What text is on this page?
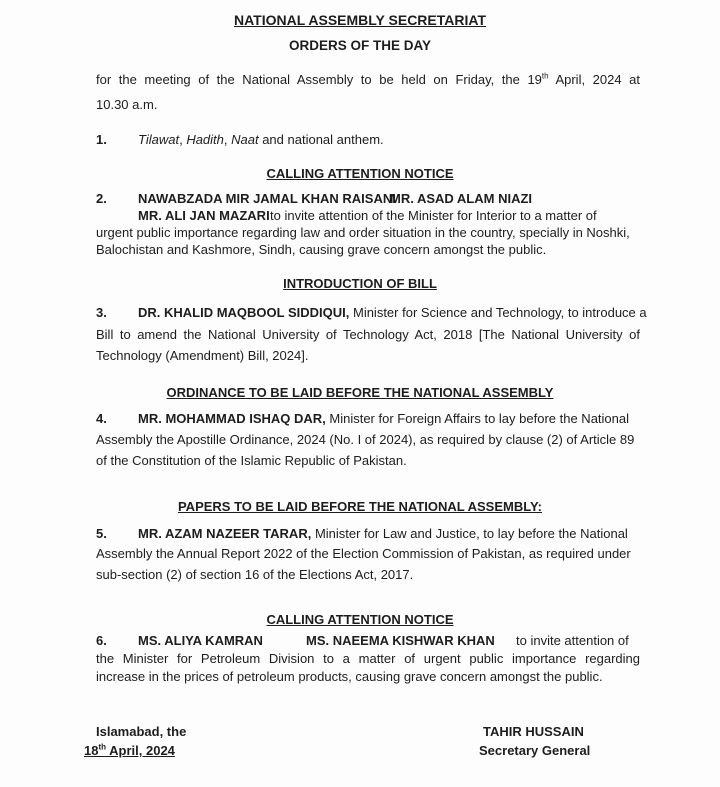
NATIONAL ASSEMBLY SECRETARIAT
ORDERS OF THE DAY
for the meeting of the National Assembly to be held on Friday, the 19th April, 2024 at
10.30 a.m.
1. Tilawat, Hadith, Naat and national anthem.
CALLING ATTENTION NOTICE
2. NAWABZADA MIR JAMAL KHAN RAISANI
MR. ASAD ALAM NIAZI
MR. ALI JAN MAZARI to invite attention of the Minister for Interior to a matter of
urgent public importance regarding law and order situation in the country, specially in Noshki,
Balochistan and Kashmore, Sindh, causing grave concern amongst the public.
INTRODUCTION OF BILL
3. DR. KHALID MAQBOOL SIDDIQUI, Minister for Science and Technology, to introduce a
Bill to amend the National University of Technology Act, 2018 [The National University of
Technology (Amendment) Bill, 2024].
ORDINANCE TO BE LAID BEFORE THE NATIONAL ASSEMBLY
4. MR. MOHAMMAD ISHAQ DAR, Minister for Foreign Affairs to lay before the National
Assembly the Apostille Ordinance, 2024 (No. I of 2024), as required by clause (2) of Article 89
of the Constitution of the Islamic Republic of Pakistan.
PAPERS TO BE LAID BEFORE THE NATIONAL ASSEMBLY:
5. MR. AZAM NAZEER TARAR, Minister for Law and Justice, to lay before the National
Assembly the Annual Report 2022 of the Election Commission of Pakistan, as required under
sub-section (2) of section 16 of the Elections Act, 2017.
CALLING ATTENTION NOTICE
6. MS. ALIYA KAMRAN	MS. NAEEMA KISHWAR KHAN to invite attention of
the Minister for Petroleum Division to a matter of urgent public importance regarding
increase in the prices of petroleum products, causing grave concern amongst the public.
Islamabad, the
18th April, 2024
TAHIR HUSSAIN
Secretary General
